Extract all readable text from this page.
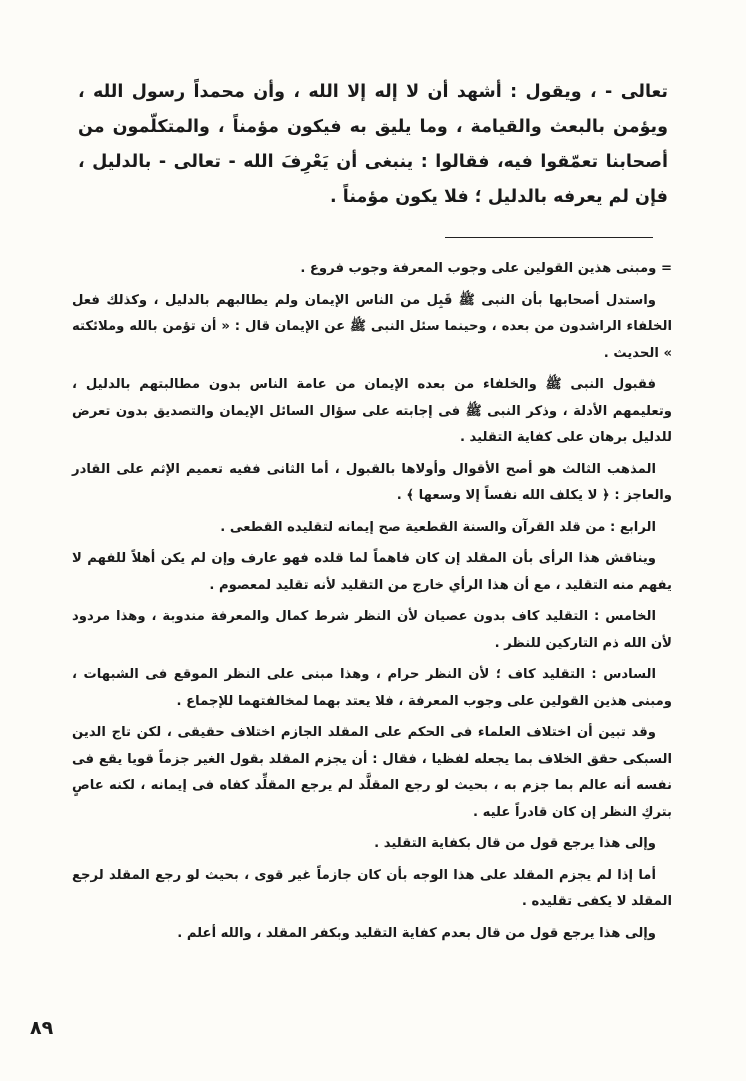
تعالى - ، ويقول : أشهد أن لا إله إلا الله ، وأن محمداً رسول الله ، ويؤمن بالبعث والقيامة ، وما يليق به فيكون مؤمناً ، والمتكلّمون من أصحابنا تعمّقوا فيه، فقالوا : ينبغى أن يَعْرِفَ الله - تعالى - بالدليل ، فإن لم يعرفه بالدليل ؛ فلا يكون مؤمناً .

= ومبنى هذين القولين على وجوب المعرفة وجوب فروع .

واستدل أصحابها بأن النبى ﷺ قَبِل من الناس الإيمان ولم يطالبهم بالدليل ، وكذلك فعل الخلفاء الراشدون من بعده ، وحينما سئل النبى ﷺ عن الإيمان قال : « أن تؤمن بالله وملائكته » الحديث .

فقبول النبى ﷺ والخلفاء من بعده الإيمان من عامة الناس بدون مطالبتهم بالدليل ، وتعليمهم الأدلة ، وذكر النبى ﷺ فى إجابته على سؤال السائل الإيمان والتصديق بدون تعرض للدليل برهان على كفاية التقليد .

المذهب الثالث هو أصح الأقوال وأولاها بالقبول ، أما الثانى ففيه تعميم الإثم على القادر والعاجز : ﴿ لا يكلف الله نفساً إلا وسعها ﴾ .

الرابع : من قلد القرآن والسنة القطعية صح إيمانه لتقليده القطعى .

ويناقش هذا الرأى بأن المقلد إن كان فاهماً لما قلده فهو عارف وإن لم يكن أهلاً للفهم لا يفهم منه التقليد ، مع أن هذا الرأي خارج من التقليد لأنه تقليد لمعصوم .

الخامس : التقليد كاف بدون عصيان لأن النظر شرط كمال والمعرفة مندوبة ، وهذا مردود لأن الله ذم التاركين للنظر .

السادس : التقليد كاف ؛ لأن النظر حرام ، وهذا مبنى على النظر الموقع فى الشبهات ، ومبنى هذين القولين على وجوب المعرفة ، فلا يعتد بهما لمخالفتهما للإجماع .

وقد تبين أن اختلاف العلماء فى الحكم على المقلد الجازم اختلاف حقيقى ، لكن تاج الدين السبكى حقق الخلاف بما يجعله لفظيا ، فقال : أن يجزم المقلد بقول الغير جزماً قويا يقع فى نفسه أنه عالم بما جزم به ، بحيث لو رجع المقلَّد لم يرجع المقلِّد كفاه فى إيمانه ، لكنه عاصٍ بتركِ النظر إن كان قادراً عليه .

وإلى هذا يرجع قول من قال بكفاية التقليد .

أما إذا لم يجزم المقلد على هذا الوجه بأن كان جازماً غير قوى ، بحيث لو رجع المقلد لرجع المقلد لا يكفى تقليده .

وإلى هذا يرجع قول من قال بعدم كفاية التقليد وبكفر المقلد ، والله أعلم .

٨٩
